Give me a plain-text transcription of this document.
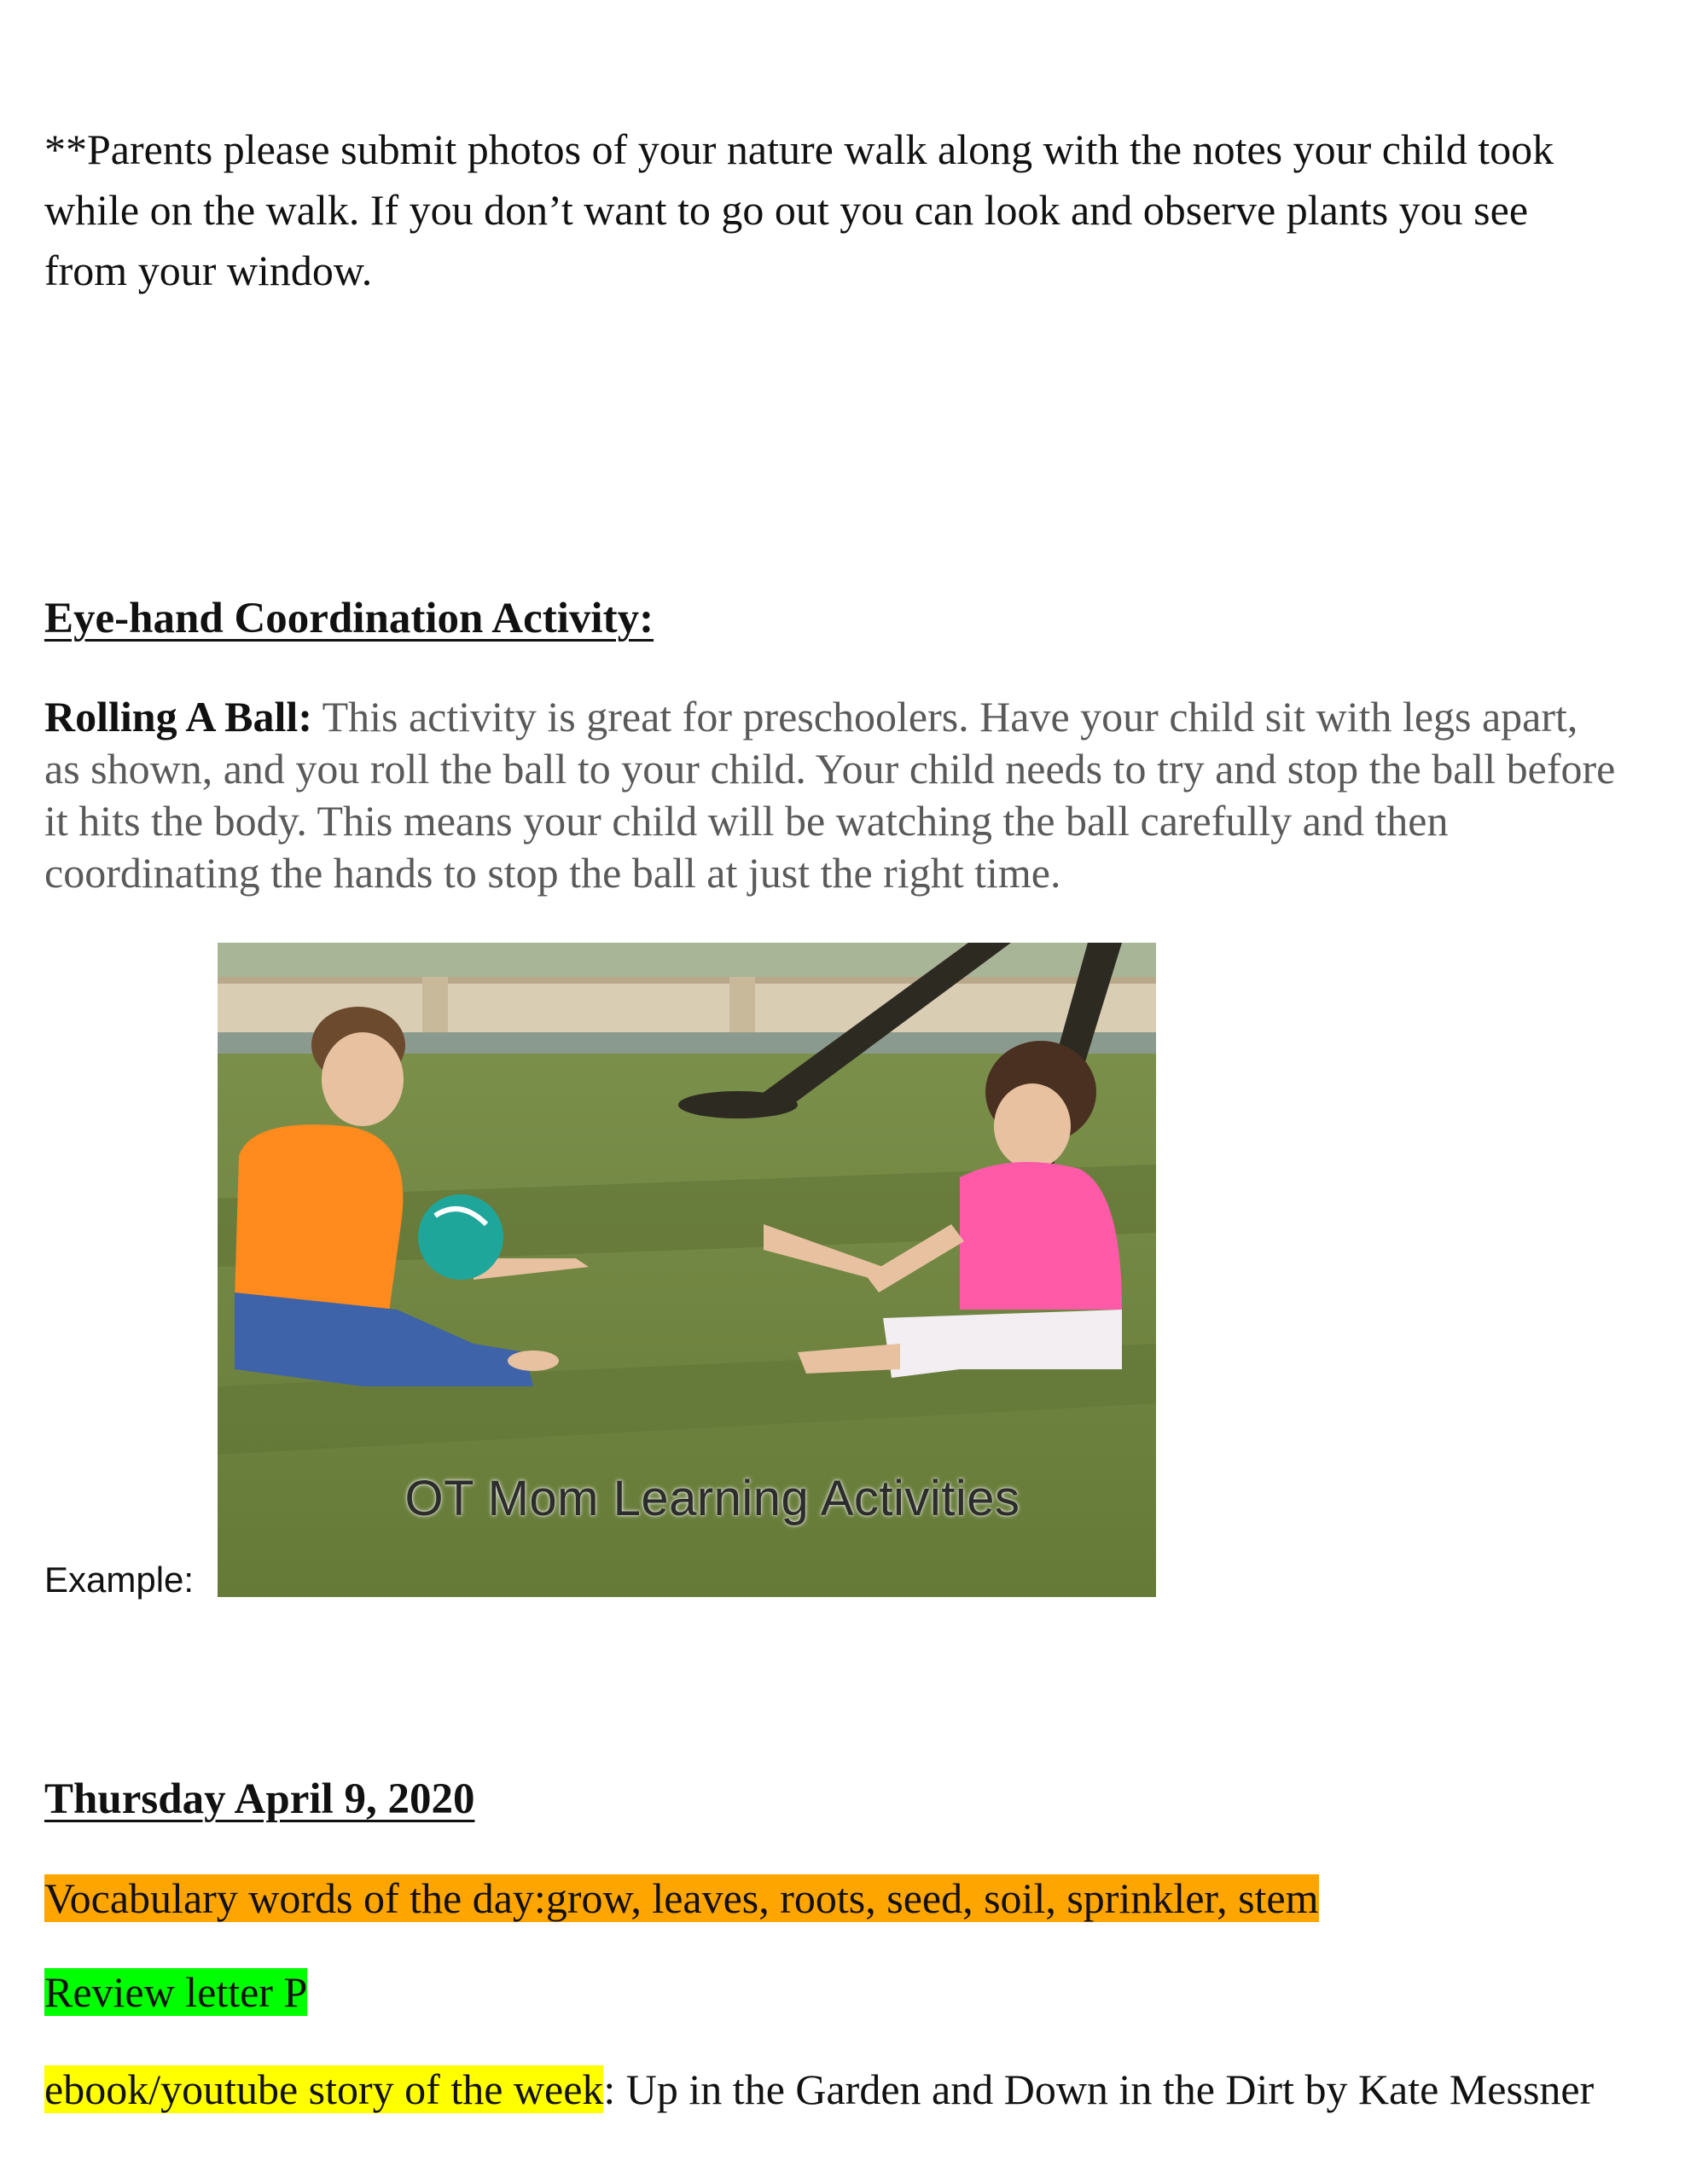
**Parents please submit photos of your nature walk along with the notes your child took while on the walk. If you don’t want to go out you can look and observe plants you see from your window.
Eye-hand Coordination Activity:
Rolling A Ball: This activity is great for preschoolers. Have your child sit with legs apart, as shown, and you roll the ball to your child. Your child needs to try and stop the ball before it hits the body. This means your child will be watching the ball carefully and then coordinating the hands to stop the ball at just the right time.
Example:
OT Mom Learning Activities
Thursday April 9, 2020
Vocabulary words of the day:grow, leaves, roots, seed, soil, sprinkler, stem
Review letter P
ebook/youtube story of the week: Up in the Garden and Down in the Dirt by Kate Messner
